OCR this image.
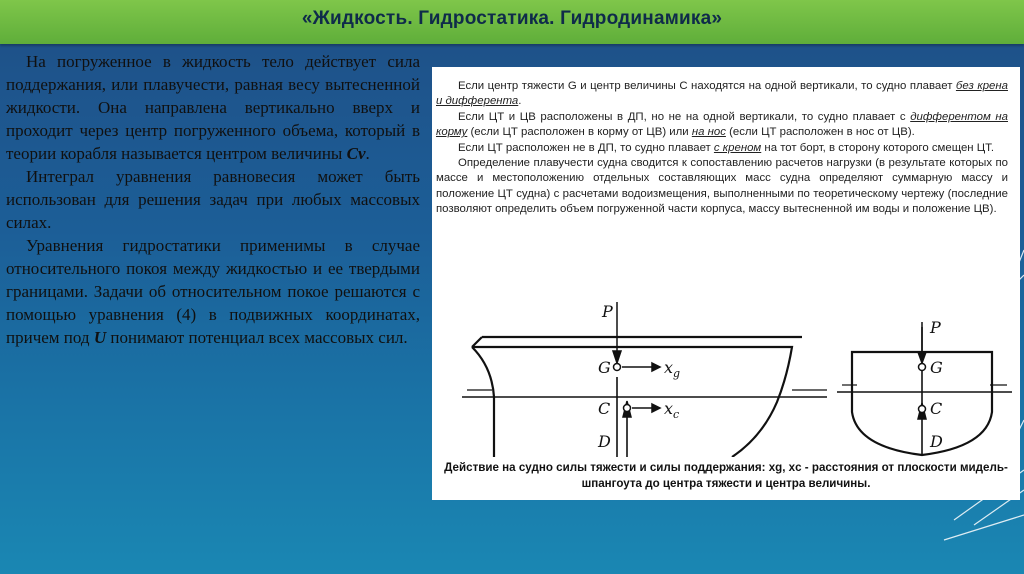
«Жидкость. Гидростатика. Гидродинамика»

На погруженное в жидкость тело действует сила поддержания, или плавучести, равная весу вытесненной жидкости. Она направлена вертикально вверх и проходит через центр погруженного объема, который в теории корабля называется центром величины Cv.

Интеграл уравнения равновесия может быть использован для решения задач при любых массовых силах.

Уравнения гидростатики применимы в случае относительного покоя между жидкостью и ее твердыми границами. Задачи об относительном покое решаются с помощью уравнения (4) в подвижных координатах, причем под U понимают потенциал всех массовых сил.

Если центр тяжести G и центр величины C находятся на одной вертикали, то судно плавает без крена и дифферента.

Если ЦТ и ЦВ расположены в ДП, но не на одной вертикали, то судно плавает с дифферентом на корму (если ЦТ расположен в корму от ЦВ) или на нос (если ЦТ расположен в нос от ЦВ).

Если ЦТ расположен не в ДП, то судно плавает с креном на тот борт, в сторону которого смещен ЦТ.

Определение плавучести судна сводится к сопоставлению расчетов нагрузки (в результате которых по массе и местоположению отдельных составляющих масс судна определяют суммарную массу и положение ЦТ судна) с расчетами водоизмещения, выполненными по теоретическому чертежу (последние позволяют определить объем погруженной части корпуса, массу вытесненной им воды и положение ЦВ).

P
G
C
D
$x_g$
$x_c$
P
G
C
D
Действие на судно силы тяжести и силы поддержания: xg, xc - расстояния от плоскости мидель-шпангоута до центра тяжести и центра величины.
